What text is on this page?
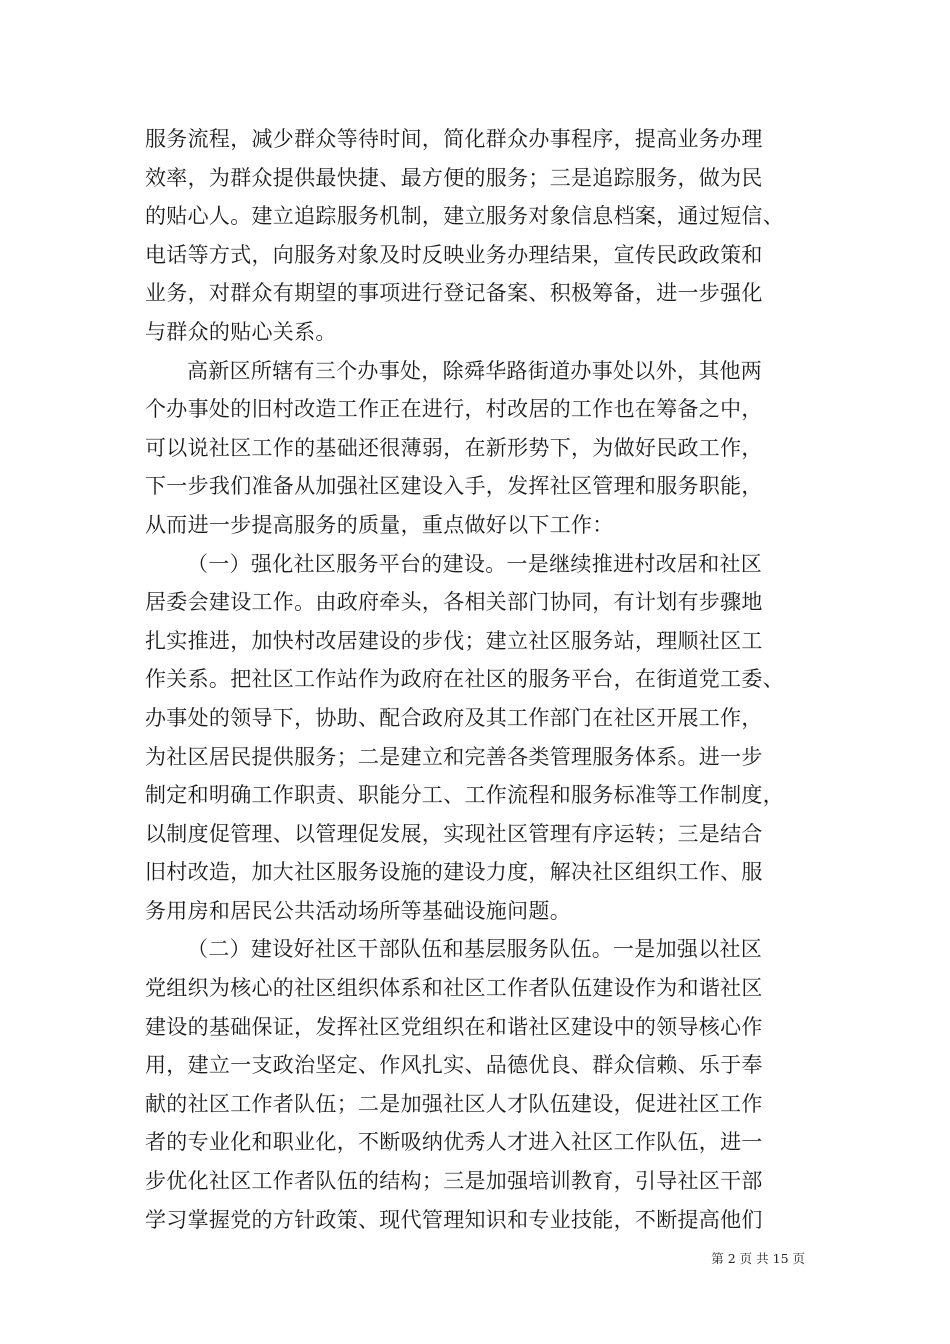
服务流程，减少群众等待时间，简化群众办事程序，提高业务办理
效率，为群众提供最快捷、最方便的服务；三是追踪服务，做为民
的贴心人。建立追踪服务机制，建立服务对象信息档案，通过短信、
电话等方式，向服务对象及时反映业务办理结果，宣传民政政策和
业务，对群众有期望的事项进行登记备案、积极筹备，进一步强化
与群众的贴心关系。
高新区所辖有三个办事处，除舜华路街道办事处以外，其他两
个办事处的旧村改造工作正在进行，村改居的工作也在筹备之中，
可以说社区工作的基础还很薄弱，在新形势下，为做好民政工作，
下一步我们准备从加强社区建设入手，发挥社区管理和服务职能，
从而进一步提高服务的质量，重点做好以下工作：
（一）强化社区服务平台的建设。一是继续推进村改居和社区
居委会建设工作。由政府牵头，各相关部门协同，有计划有步骤地
扎实推进，加快村改居建设的步伐；建立社区服务站，理顺社区工
作关系。把社区工作站作为政府在社区的服务平台，在街道党工委、
办事处的领导下，协助、配合政府及其工作部门在社区开展工作，
为社区居民提供服务；二是建立和完善各类管理服务体系。进一步
制定和明确工作职责、职能分工、工作流程和服务标准等工作制度，
以制度促管理、以管理促发展，实现社区管理有序运转；三是结合
旧村改造，加大社区服务设施的建设力度，解决社区组织工作、服
务用房和居民公共活动场所等基础设施问题。
（二）建设好社区干部队伍和基层服务队伍。一是加强以社区
党组织为核心的社区组织体系和社区工作者队伍建设作为和谐社区
建设的基础保证，发挥社区党组织在和谐社区建设中的领导核心作
用，建立一支政治坚定、作风扎实、品德优良、群众信赖、乐于奉
献的社区工作者队伍；二是加强社区人才队伍建设，促进社区工作
者的专业化和职业化，不断吸纳优秀人才进入社区工作队伍，进一
步优化社区工作者队伍的结构；三是加强培训教育，引导社区干部
学习掌握党的方针政策、现代管理知识和专业技能，不断提高他们
第 2 页 共 15 页
